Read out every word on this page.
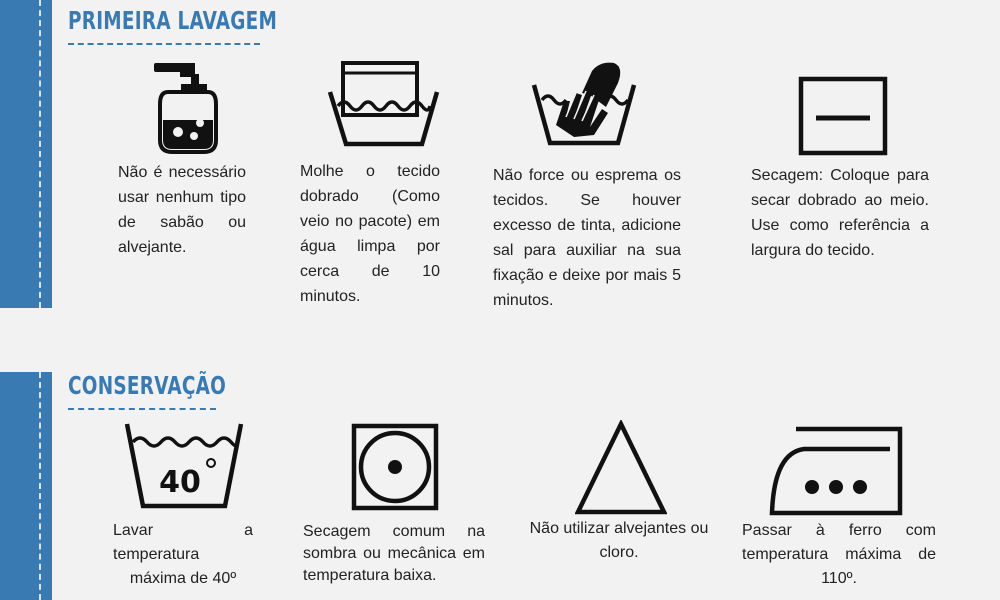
PRIMEIRA LAVAGEM
Não é necessário usar nenhum tipo de sabão ou alvejante.
Molhe o tecido dobrado (Como veio no pacote) em água limpa por cerca de 10 minutos.
Não force ou esprema os tecidos. Se houver excesso de tinta, adicione sal para auxiliar na sua fixação e deixe por mais 5 minutos.
Secagem: Coloque para secar dobrado ao meio. Use como referência a largura do tecido.
CONSERVAÇÃO
40
Lavar a temperatura máxima de 40º
Secagem comum na sombra ou mecânica em temperatura baixa.
Não utilizar alvejantes ou cloro.
Passar à ferro com temperatura máxima de 110º.
